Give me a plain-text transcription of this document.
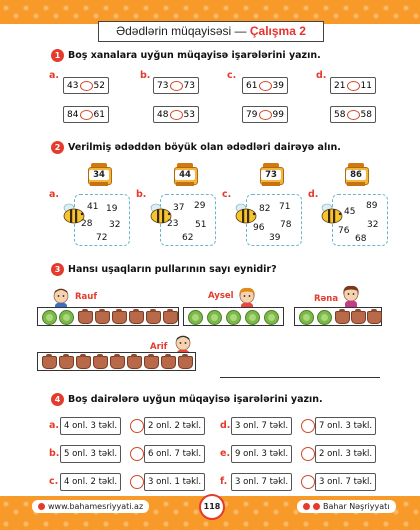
Ədədlərin müqayisəsi — Çalışma 2
1 Boş xanalara uyğun müqayisə işarələrini yazın.
a.	b.	c.	d.
43 52	73 73	61 39	21 11
84 61	48 53	79 99	58 58
2 Verilmiş ədəddən böyük olan ədədləri dairəyə alın.
34	44	73	86
a.	b.	c.	d.
41 19
28 32
72
37 29
23 51
62
82 71
96 78
39
45
89
76
32
68
3 Hansı uşaqların pullarının sayı eynidir?
Rauf	Aysel	Rəna
Arif
4 Boş dairələrə uyğun müqayisə işarələrini yazın.
a. 4 onl. 3 təkl.	2 onl. 2 təkl.
b. 5 onl. 3 təkl.	6 onl. 7 təkl.
c. 4 onl. 2 təkl.	3 onl. 1 təkl.
d. 3 onl. 7 təkl.	7 onl. 3 təkl.
e. 9 onl. 3 təkl.	2 onl. 3 təkl.
f. 3 onl. 7 təkl.	3 onl. 7 təkl.
www.bahamesriyyati.az	118	Bahar Nəşriyyatı
